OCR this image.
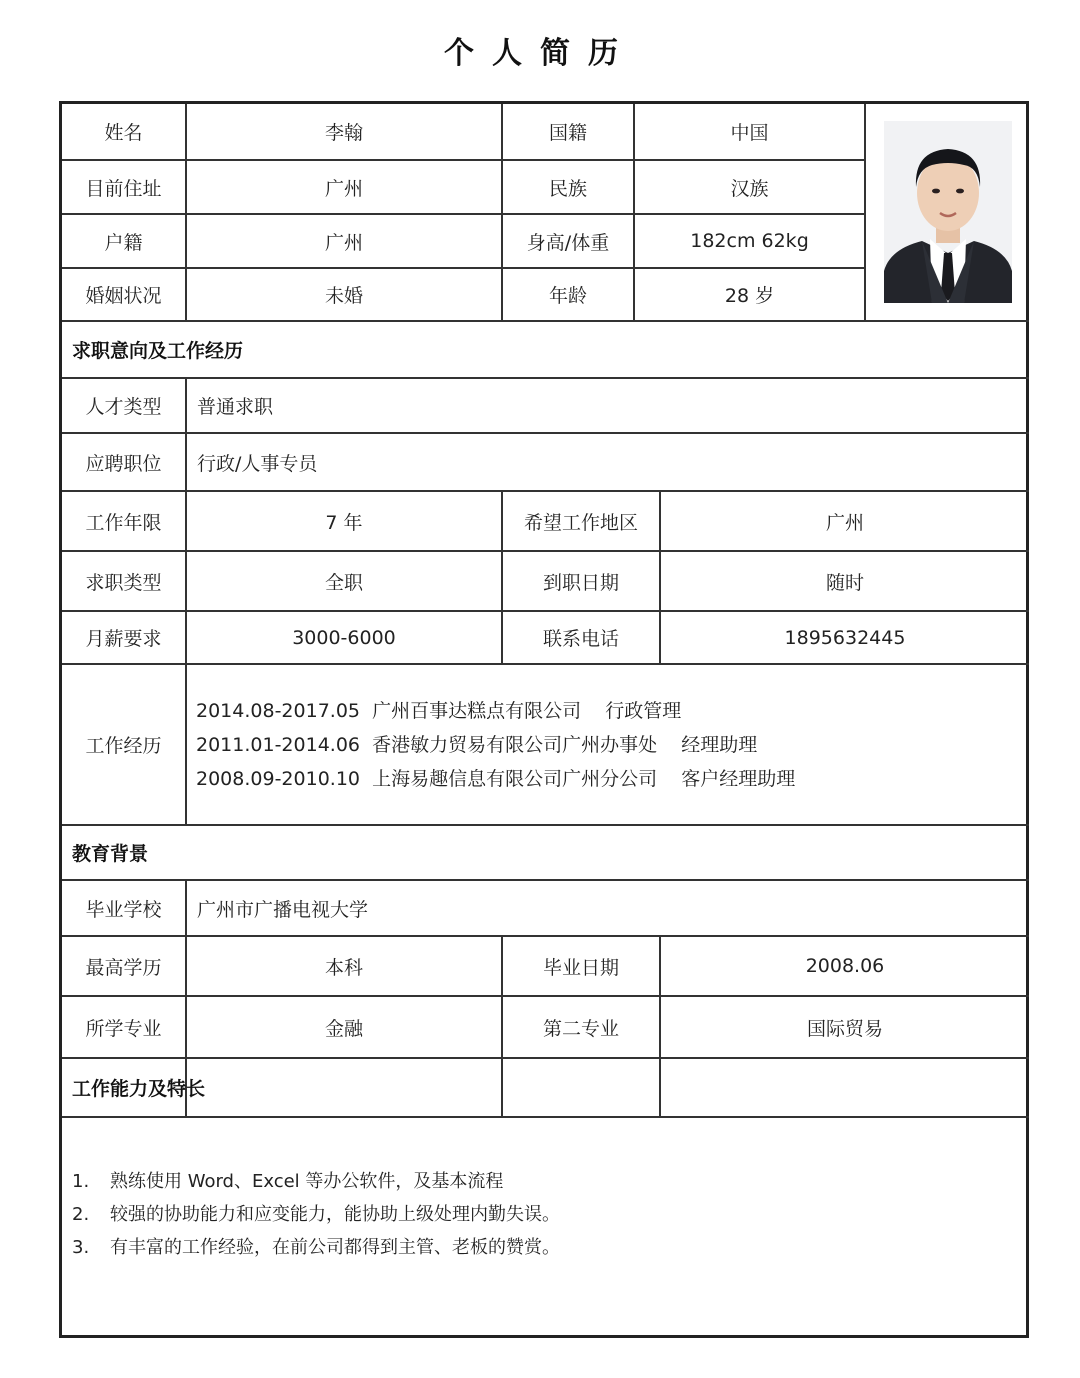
个人简历
姓名	李翰	国籍	中国
目前住址	广州	民族	汉族
户籍	广州	身高/体重	182cm 62kg
婚姻状况	未婚	年龄	28 岁
求职意向及工作经历
人才类型	普通求职
应聘职位	行政/人事专员
工作年限	7 年	希望工作地区	广州
求职类型	全职	到职日期	随时
月薪要求	3000-6000	联系电话	1895632445
工作经历
2014.08-2017.05 广州百事达糕点有限公司 行政管理
2011.01-2014.06 香港敏力贸易有限公司广州办事处 经理助理
2008.09-2010.10 上海易趣信息有限公司广州分公司 客户经理助理
教育背景
毕业学校	广州市广播电视大学
最高学历	本科	毕业日期	2008.06
所学专业	金融	第二专业	国际贸易
工作能力及特长
1. 熟练使用 Word、Excel 等办公软件，及基本流程
2. 较强的协助能力和应变能力，能协助上级处理内勤失误。
3. 有丰富的工作经验，在前公司都得到主管、老板的赞赏。
